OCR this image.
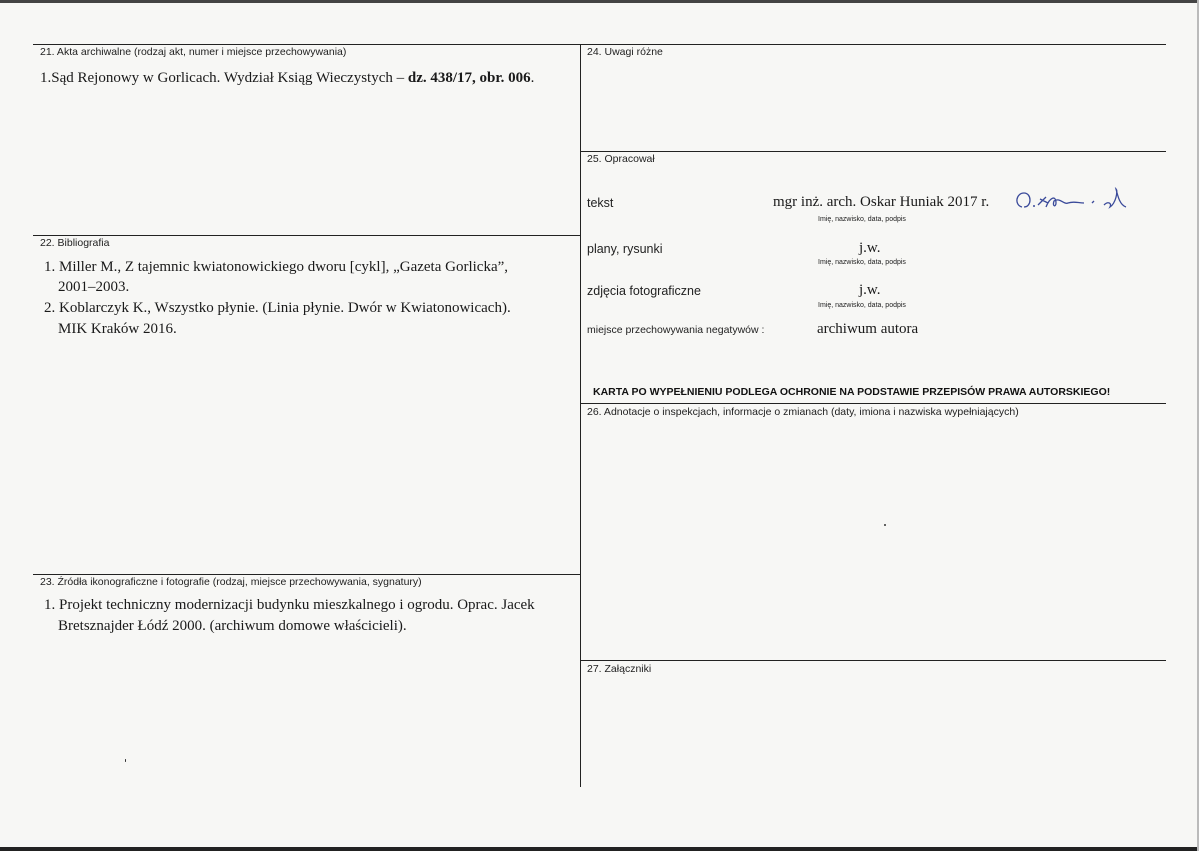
21. Akta archiwalne (rodzaj akt, numer i miejsce przechowywania)
1.Sąd Rejonowy w Gorlicach. Wydział Ksiąg Wieczystych – dz. 438/17, obr. 006.
22. Bibliografia
1. Miller M., Z tajemnic kwiatonowickiego dworu [cykl], „Gazeta Gorlicka”,
2001–2003.
2. Koblarczyk K., Wszystko płynie. (Linia płynie. Dwór w Kwiatonowicach).
MIK Kraków 2016.
23. Źródła ikonograficzne i fotografie (rodzaj, miejsce przechowywania, sygnatury)
1. Projekt techniczny modernizacji budynku mieszkalnego i ogrodu. Oprac. Jacek
Bretsznajder Łódź 2000. (archiwum domowe właścicieli).
24. Uwagi różne
25. Opracował
tekst	mgr inż. arch. Oskar Huniak 2017 r.
Imię, nazwisko, data, podpis
plany, rysunki	j.w.
Imię, nazwisko, data, podpis
zdjęcia fotograficzne	j.w.
Imię, nazwisko, data, podpis
miejsce przechowywania negatywów :	archiwum autora
KARTA PO WYPEŁNIENIU PODLEGA OCHRONIE NA PODSTAWIE PRZEPISÓW PRAWA AUTORSKIEGO!
26. Adnotacje o inspekcjach, informacje o zmianach (daty, imiona i nazwiska wypełniających)
27. Załączniki
